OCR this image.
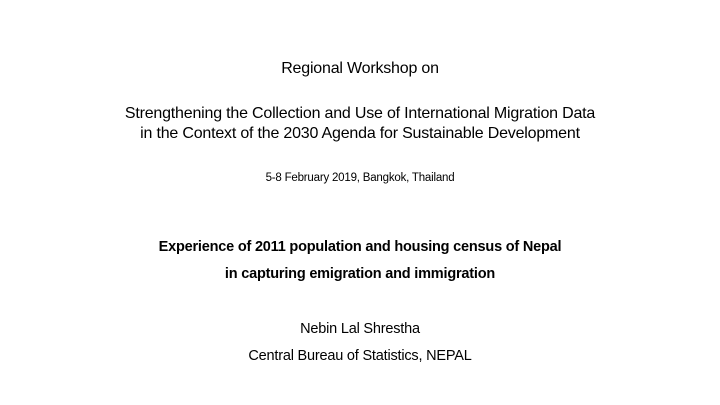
Regional Workshop on
Strengthening the Collection and Use of International Migration Data
in the Context of the 2030 Agenda for Sustainable Development
5-8 February 2019, Bangkok, Thailand
Experience of 2011 population and housing census of Nepal
in capturing emigration and immigration
Nebin Lal Shrestha
Central Bureau of Statistics, NEPAL
